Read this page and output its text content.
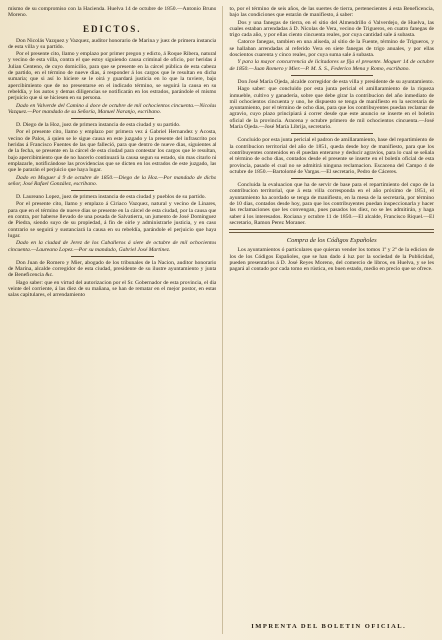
mismo de su compromiso con la Hacienda. Huelva 14 de octubre de 1850.—Antonio Bruno Moreno.

EDICTOS.

Don Nicolás Vazquez y Vazquez, auditor honorario de Marina y juez de primera instancia de esta villa y su partido.

Por el presente cito, llamo y emplazo por primer pregon y edicto, á Roque Ribera, natural y vecino de esta villa, contra el que estoy siguiendo causa criminal de oficio, por heridas á Julian Centeno, de cuyo domicilio, para que se presente en la cárcel pública de esta cabeza de partido, en el término de nueve dias, á responder á los cargos que le resultan en dicha sumaria; que si así lo hiciere se le oirá y guardará justicia en lo que la tuviere, bajo apercibimiento que de no presentarse en el indicado término, se seguirá la causa en su rebeldía, y los autos y demas diligencias se notificarán en los estrados, parándole el mismo perjuicio que si se hiciesen en su persona.

Dado en Valverde del Camino á doce de octubre de mil ochocientos cincuenta.—Nicolas Vazquez.—Por mandado de su Señoría, Manuel Naranjo, escribano.

D. Diego de la Hoz, juez de primera instancia de esta ciudad y su partido.

Por el presente cito, llamo y emplazo por primera vez á Gabriel Hernandez y Acosta, vecino de Palos, á quien se le sigue causa en este juzgado y la presente del infrascrito por heridas á Francisco Fuentes de las que falleció, para que dentro de nueve dias, siguientes al de la fecha, se presente en la cárcel de esta ciudad para contestar los cargos que le resultan, bajo apercibimiento que de no hacerlo continuará la causa segun su estado, sin mas citarlo ni emplazarle, notificándose las providencias que se dicten en los estrados de este juzgado, las que le pararán el perjuicio que haya lugar.

Dado en Moguer á 9 de octubre de 1850.—Diego de la Hoz.—Por mandado de dicho señor, José Rafael González, escribano.

D. Laureano Lopez, juez de primera instancia de esta ciudad y pueblos de su partido.

Por el presente cito, llamo y emplazo á Ciriaco Vazquez, natural y vecino de Linares, para que en el término de nueve dias se presente en la cárcel de esta ciudad, por la causa que en contra, por haberse llevado de una posada de Salvatierra, un jumento de José Domínguez de Piedra, siendo suyo de su propiedad, á fin de oírle y administrarle justicia, y en caso contrario se seguirá y sustanciará la causa en su rebeldía, parándole el perjuicio que haya lugar.

Dado en la ciudad de Jerez de los Caballeros á siete de octubre de mil ochocientos cincuenta.—Laureano Lopez.—Por su mandado, Gabriel José Martinez.

Don Juan de Romero y Mier, abogado de los tribunales de la Nacion, auditor honorario de Marina, alcalde corregidor de esta ciudad, presidente de su ilustre ayuntamiento y junta de Beneficencia &c.

Hago saber: que en virtud del autorizacion por el Sr. Gobernador de esta provincia, el dia veinte del corriente, á las diez de su mañana, se han de rematar en el mejor postor, en estas salas capitulares, el arrendamiento

to, por el término de seis años, de las suertes de tierra, pertenecientes á esta Beneficencia, bajo las condiciones que estarán de manifiesto, á saber:

Dos y una fanegas de tierra, en el sitio del Almendrillo ó Valverdejo, de Huelva, las cuales estaban arrendadas á D. Nicolas de Vera, vecino de Trigueros, en cuatro fanegas de trigo cada año, y por ellas ciento cincuenta reales, por cuya cantidad sale á subasta.

Catorce fanegas, tambien en una aliseda, al sitio de la Fuente, término de Trigueros, y se hallaban arrendadas al referido Vera en siete fanegas de trigo anuales, y por ellas doscientos cuarenta y cinco reales, por cuya suma sale á subasta.

Y para la mayor concurrencia de licitadores se fija el presente. Moguer 14 de octubre de 1850.—Juan Romero y Mier.—P. M. S. S., Federico Mena y Romo, escribano.

Don José María Ojeda, alcalde corregidor de esta villa y presidente de su ayuntamiento.

Hago saber: que concluido por esta junta pericial el amillaramiento de la riqueza inmueble, cultivo y ganadería, sobre que debe girar la contribucion del año inmediato de mil ochocientos cincuenta y uno, he dispuesto se tenga de manifiesto en la secretaría de ayuntamiento, por el término de ocho dias, para que los contribuyentes puedan reclamar de agravio, cuyo plazo principiará á correr desde que este anuncio se inserte en el boletin oficial de la provincia. Aracena y octubre primero de mil ochocientos cincuenta.—José María Ojeda.—José María Librija, secretario.

Concluido por esta junta pericial el padron de amillaramiento, base del repartimiento de la contribucion territorial del año de 1851, queda desde hoy de manifiesto, para que los contribuyentes contenidos en él puedan enterarse y deducir agravios, para lo cual se señala el término de ocho dias, contados desde el presente se inserte en el boletín oficial de esta provincia, pasado el cual no se admitirá ninguna reclamacion. Escacena del Campo 4 de octubre de 1850.—Bartolomé de Vargas.—El secretario, Pedro de Cáceres.

Concluida la evaluacion que ha de servir de base para el repartimiento del cupo de la contribucion territorial, que á esta villa corresponda en el año próximo de 1851, el ayuntamiento ha acordado se tenga de manifiesto, en la mesa de la secretaría, por término de 10 dias, contados desde hoy, para que los contribuyentes puedan inspeccionarla y hacer las reclamaciones que les convengan, pues pasados los diez, no se les admitirán, y haga saber á los interesados. Rociana y octubre 11 de 1850.—El alcalde, Francisco Riquel.—El secretario, Ramon Perez Moraner.

Compra de los Códigos Españoles

Los ayuntamientos ó particulares que quieran vender los tomos 1º y 2º de la edicion de los de los Códigos Españoles, que se han dado á luz por la sociedad de la Publicidad, pueden presentarlos á D. José Reyes Moreno, del comercio de libros, en Huelva, y se les pagará al contado por cada tomo en rústica, en buen estado, medio en precio que se ofrece.

IMPRENTA DEL BOLETIN OFICIAL.
